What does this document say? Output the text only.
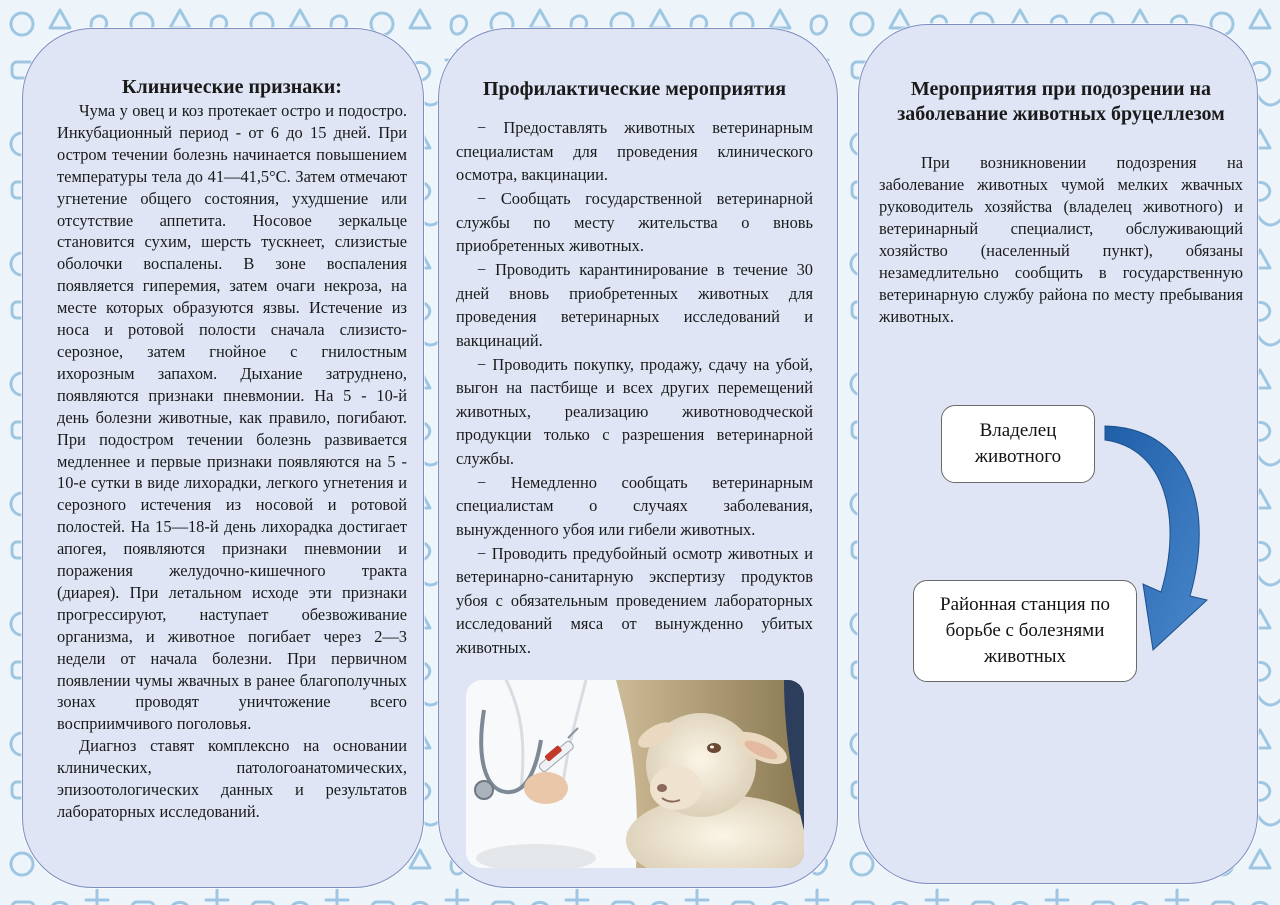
Клинические признаки:

Чума у овец и коз протекает остро и подостро. Инкубационный период - от 6 до 15 дней. При остром течении болезнь начинается повышением температуры тела до 41—41,5°С. Затем отмечают угнетение общего состояния, ухудшение или отсутствие аппетита. Носовое зеркальце становится сухим, шерсть тускнеет, слизистые оболочки воспалены. В зоне воспаления появляется гиперемия, затем очаги некроза, на месте которых образуются язвы. Истечение из носа и ротовой полости сначала слизисто-серозное, затем гнойное с гнилостным ихорозным запахом. Дыхание затруднено, появляются признаки пневмонии. На 5 - 10-й день болезни животные, как правило, погибают. При подостром течении болезнь развивается медленнее и первые признаки появляются на 5 - 10-е сутки в виде лихорадки, легкого угнетения и серозного истечения из носовой и ротовой полостей. На 15—18-й день лихорадка достигает апогея, появляются признаки пневмонии и поражения желудочно-кишечного тракта (диарея). При летальном исходе эти признаки прогрессируют, наступает обезвоживание организма, и животное погибает через 2—3 недели от начала болезни. При первичном появлении чумы жвачных в ранее благополучных зонах проводят уничтожение всего восприимчивого поголовья.

Диагноз ставят комплексно на основании клинических, патологоанатомических, эпизоотологических данных и результатов лабораторных исследований.

Профилактические мероприятия

− Предоставлять животных ветеринарным специалистам для проведения клинического осмотра, вакцинации.

− Сообщать государственной ветеринарной службы по месту жительства о вновь приобретенных животных.

− Проводить карантинирование в течение 30 дней вновь приобретенных животных для проведения ветеринарных исследований и вакцинаций.

− Проводить покупку, продажу, сдачу на убой, выгон на пастбище и всех других перемещений животных, реализацию животноводческой продукции только с разрешения ветеринарной службы.

− Немедленно сообщать ветеринарным специалистам о случаях заболевания, вынужденного убоя или гибели животных.

− Проводить предубойный осмотр животных и ветеринарно-санитарную экспертизу продуктов убоя с обязательным проведением лабораторных исследований мяса от вынужденно убитых животных.

Мероприятия при подозрении на заболевание животных бруцеллезом

При возникновении подозрения на заболевание животных чумой мелких жвачных руководитель хозяйства (владелец животного) и ветеринарный специалист, обслуживающий хозяйство (населенный пункт), обязаны незамедлительно сообщить в государственную ветеринарную службу района по месту пребывания животных.

Владелец животного
Районная станция по борьбе с болезнями животных
